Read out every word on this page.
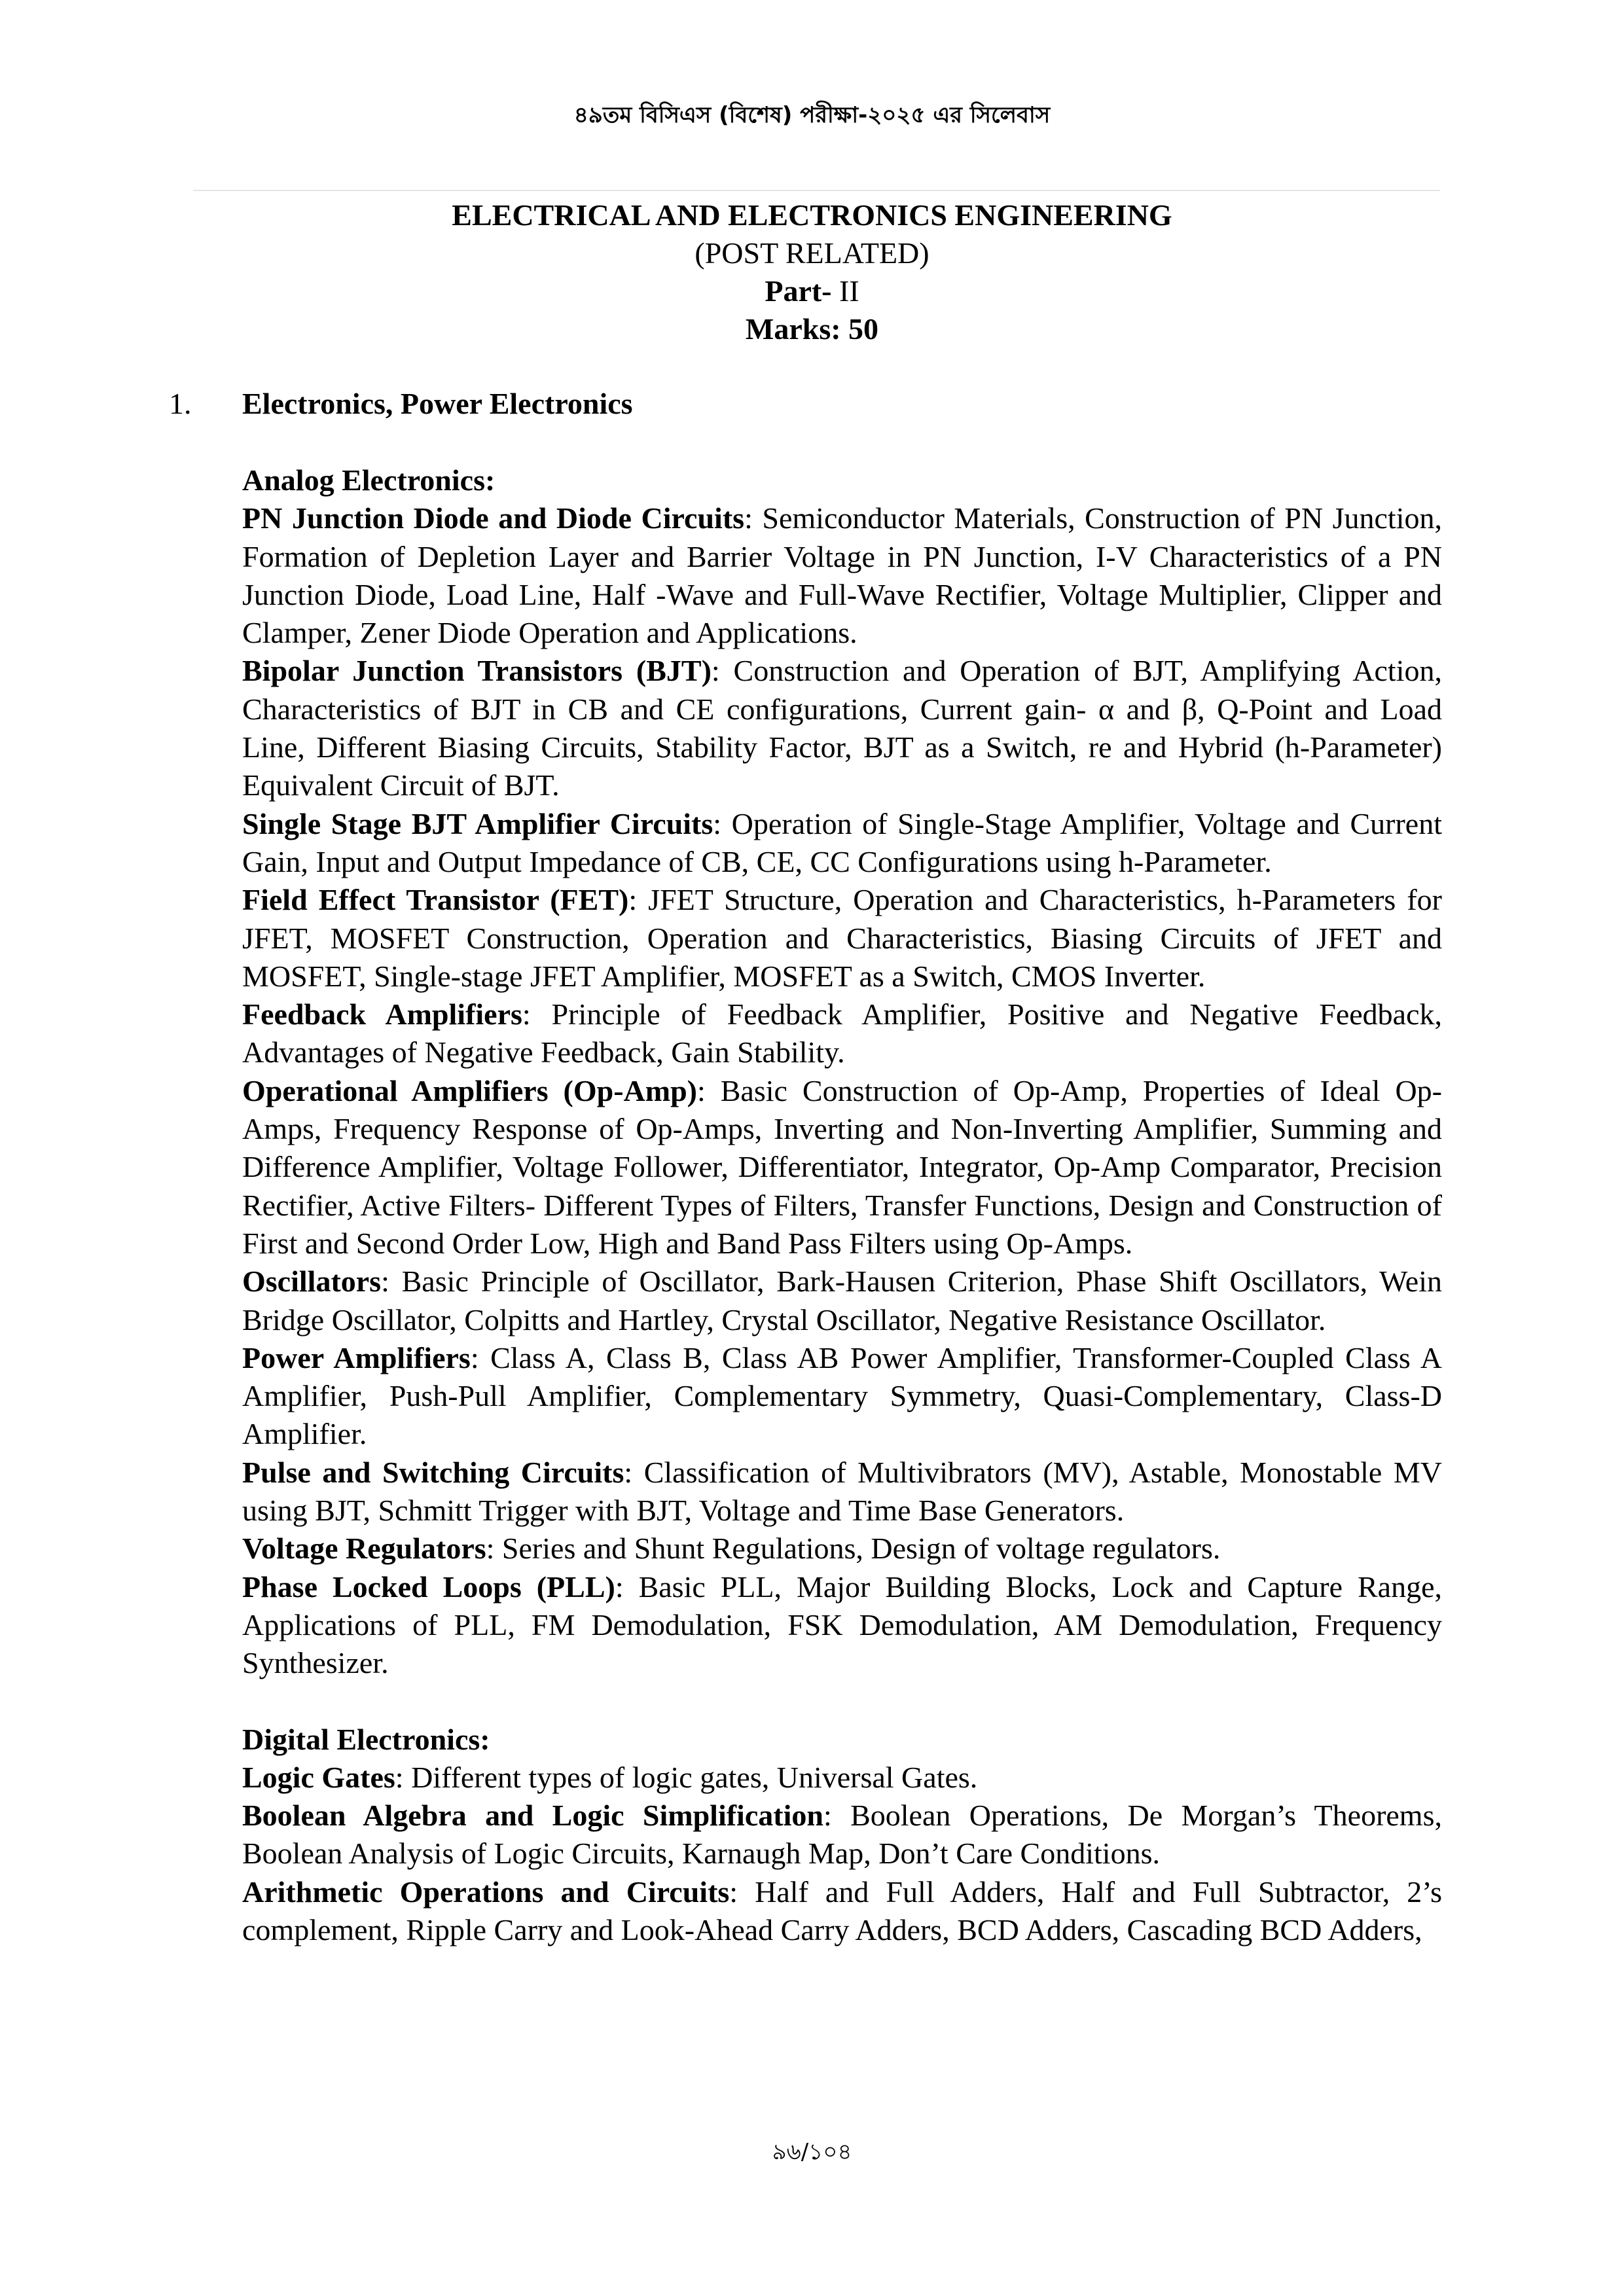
৪৯তম বিসিএস (বিশেষ) পরীক্ষা-২০২৫ এর সিলেবাস
ELECTRICAL AND ELECTRONICS ENGINEERING
(POST RELATED)
Part- II
Marks: 50
1. Electronics, Power Electronics

Analog Electronics:

PN Junction Diode and Diode Circuits: Semiconductor Materials, Construction of PN Junction, Formation of Depletion Layer and Barrier Voltage in PN Junction, I-V Characteristics of a PN Junction Diode, Load Line, Half -Wave and Full-Wave Rectifier, Voltage Multiplier, Clipper and Clamper, Zener Diode Operation and Applications.

Bipolar Junction Transistors (BJT): Construction and Operation of BJT, Amplifying Action, Characteristics of BJT in CB and CE configurations, Current gain- α and β, Q-Point and Load Line, Different Biasing Circuits, Stability Factor, BJT as a Switch, re and Hybrid (h-Parameter) Equivalent Circuit of BJT.

Single Stage BJT Amplifier Circuits: Operation of Single-Stage Amplifier, Voltage and Current Gain, Input and Output Impedance of CB, CE, CC Configurations using h-Parameter.

Field Effect Transistor (FET): JFET Structure, Operation and Characteristics, h-Parameters for JFET, MOSFET Construction, Operation and Characteristics, Biasing Circuits of JFET and MOSFET, Single-stage JFET Amplifier, MOSFET as a Switch, CMOS Inverter.

Feedback Amplifiers: Principle of Feedback Amplifier, Positive and Negative Feedback, Advantages of Negative Feedback, Gain Stability.

Operational Amplifiers (Op-Amp): Basic Construction of Op-Amp, Properties of Ideal Op-Amps, Frequency Response of Op-Amps, Inverting and Non-Inverting Amplifier, Summing and Difference Amplifier, Voltage Follower, Differentiator, Integrator, Op-Amp Comparator, Precision Rectifier, Active Filters- Different Types of Filters, Transfer Functions, Design and Construction of First and Second Order Low, High and Band Pass Filters using Op-Amps.

Oscillators: Basic Principle of Oscillator, Bark-Hausen Criterion, Phase Shift Oscillators, Wein Bridge Oscillator, Colpitts and Hartley, Crystal Oscillator, Negative Resistance Oscillator.

Power Amplifiers: Class A, Class B, Class AB Power Amplifier, Transformer-Coupled Class A Amplifier, Push-Pull Amplifier, Complementary Symmetry, Quasi-Complementary, Class-D Amplifier.

Pulse and Switching Circuits: Classification of Multivibrators (MV), Astable, Monostable MV using BJT, Schmitt Trigger with BJT, Voltage and Time Base Generators.

Voltage Regulators: Series and Shunt Regulations, Design of voltage regulators.

Phase Locked Loops (PLL): Basic PLL, Major Building Blocks, Lock and Capture Range, Applications of PLL, FM Demodulation, FSK Demodulation, AM Demodulation, Frequency Synthesizer.

Digital Electronics:

Logic Gates: Different types of logic gates, Universal Gates.

Boolean Algebra and Logic Simplification: Boolean Operations, De Morgan’s Theorems, Boolean Analysis of Logic Circuits, Karnaugh Map, Don’t Care Conditions.

Arithmetic Operations and Circuits: Half and Full Adders, Half and Full Subtractor, 2’s complement, Ripple Carry and Look-Ahead Carry Adders, BCD Adders, Cascading BCD Adders,

৯৬/১০৪
